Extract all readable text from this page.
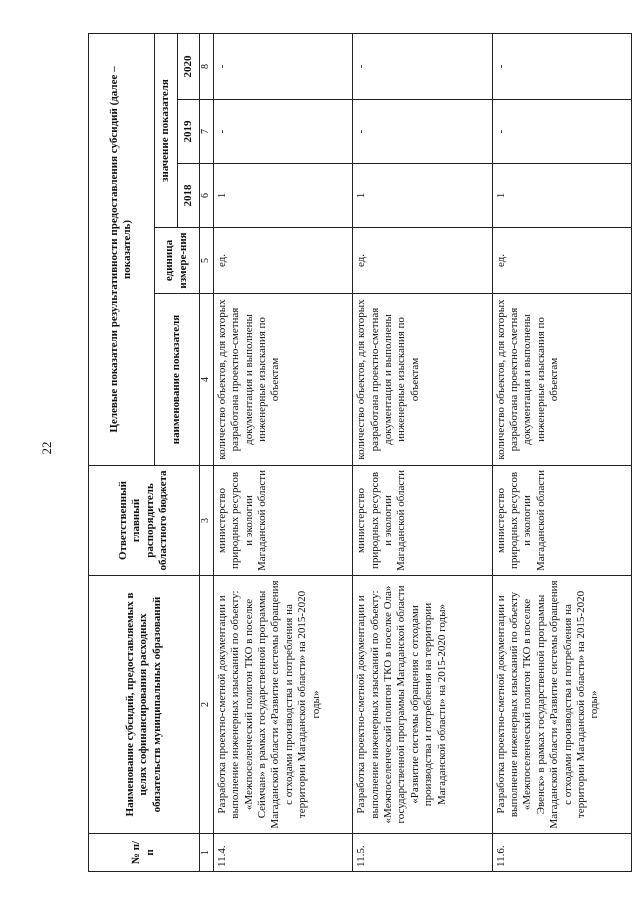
22
№ п/п	Наименование субсидий, предоставляемых в целях софинансирования расходных обязательств муниципальных образований	Ответственный главный распорядитель областного бюджета	Целевые показатели результативности предоставления субсидий (далее – показатель)				
			наименование показателя	единица измере-ния	значение показателя		
					2018	2019	2020
1	2	3	4	5	6	7	8
11.4.	Разработка проектно-сметной документации и выполнение инженерных изысканий по объекту: «Межпоселенческий полигон ТКО в поселке Сеймчан» в рамках государственной программы Магаданской области «Развитие системы обращения с отходами производства и потребления на территории Магаданской области» на 2015-2020 годы»	министерство природных ресурсов и экологии Магаданской области	количество объектов, для которых разработана проектно-сметная документация и выполнены инженерные изыскания по объектам	ед.	1	-	-
11.5.	Разработка проектно-сметной документации и выполнение инженерных изысканий по объекту: «Межпоселенческий полигон ТКО в поселке Ола» государственной программы Магаданской области «Развитие системы обращения с отходами производства и потребления на территории Магаданской области» на 2015-2020 годы»	министерство природных ресурсов и экологии Магаданской области	количество объектов, для которых разработана проектно-сметная документация и выполнены инженерные изыскания по объектам	ед.	1	-	-
11.6.	Разработка проектно-сметной документации и выполнение инженерных изысканий по объекту «Межпоселенческий полигон ТКО в поселке Эвенск» в рамках государственной программы Магаданской области «Развитие системы обращения с отходами производства и потребления на территории Магаданской области» на 2015-2020 годы»	министерство природных ресурсов и экологии Магаданской области	количество объектов, для которых разработана проектно-сметная документация и выполнены инженерные изыскания по объектам	ед.	1	-	-
